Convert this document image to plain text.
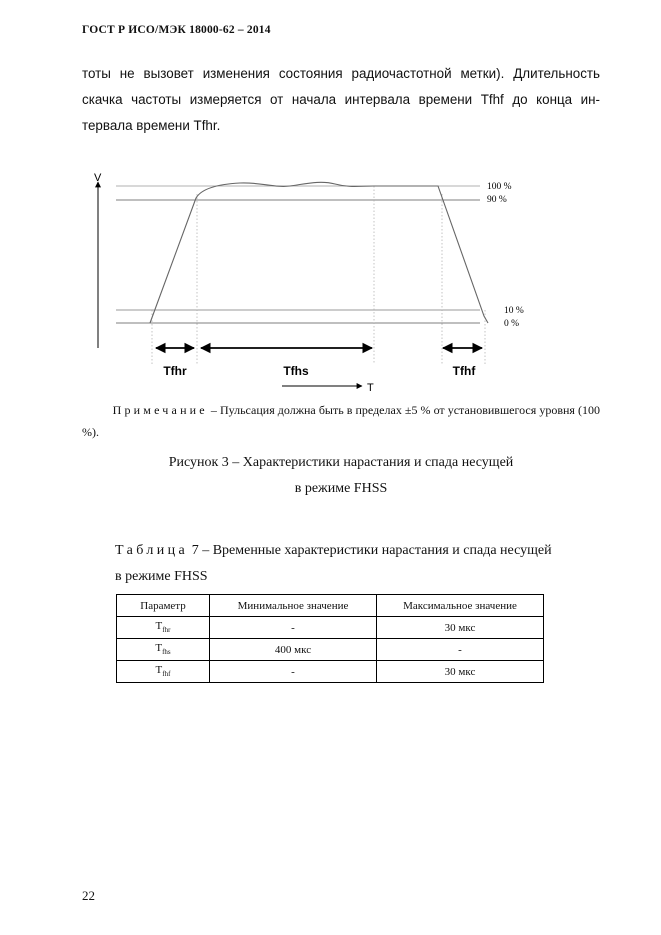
ГОСТ Р ИСО/МЭК 18000-62 – 2014
тоты не вызовет изменения состояния радиочастотной метки). Длительность
скачка частоты измеряется от начала интервала времени Tfhf до конца ин-
тервала времени Tfhr.
V
100 %
90 %
10 %
0 %
Tfhr	Tfhs	Tfhf
T
Примечание – Пульсация должна быть в пределах ±5 % от установившегося уровня (100 %).
Рисунок 3 – Характеристики нарастания и спада несущей
в режиме FHSS
Таблица 7 – Временные характеристики нарастания и спада несущей
в режиме FHSS
Параметр	Минимальное значение	Максимальное значение
$T_{fhr}$	-	30 мкс
$T_{fhs}$	400 мкс	-
$T_{fhf}$	-	30 мкс
22
